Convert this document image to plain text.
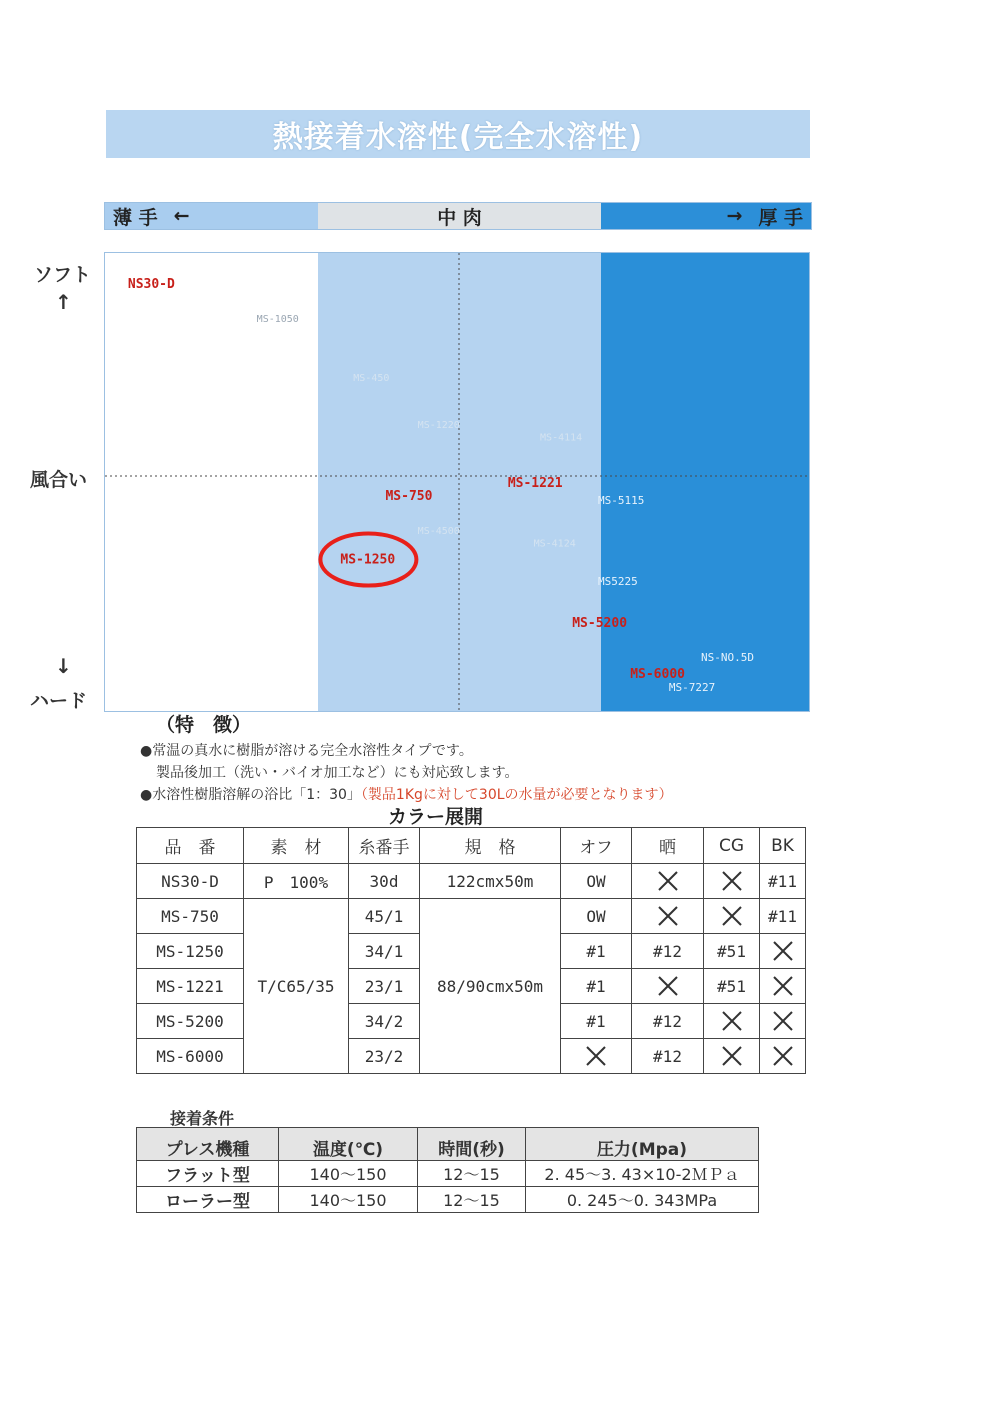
熱接着水溶性(完全水溶性)
薄 手 ←	中 肉	→ 厚 手
ソフト
↑
風合い
↓
ハード
NS30-D
MS-1050
MS-450
MS-1220
MS-4114
MS-1221
MS-750	MS-5115
MS-4500
MS-4124
MS-1250
MS5225
MS-5200
NS-NO.5D
MS-6000
MS-7227
（特　徴）
●常温の真水に樹脂が溶ける完全水溶性タイプです。
製品後加工（洗い・バイオ加工など）にも対応致します。
●水溶性樹脂溶解の浴比「1：30」（製品1Kgに対して30Lの水量が必要となります）
カラー展開
品　番	素　材	糸番手	規　格	オフ	晒	CG	BK
NS30-D	P　100%	30d	122cmx50m	OW			#11
MS-750	T/C65/35	45/1	88/90cmx50m	OW			#11
MS-1250		34/1		#1	#12	#51	

MS-1221		23/1		#1		#51	

MS-5200		34/2		#1	#12	

MS-6000		23/2			#12	

接着条件
プレス機種	温度(℃)	時間(秒)	圧力(Mpa)
フラット型	140〜150	12〜15	2. 45〜3. 43×10-2ＭＰａ
ローラー型	140〜150	12〜15	0. 245〜0. 343MPa
